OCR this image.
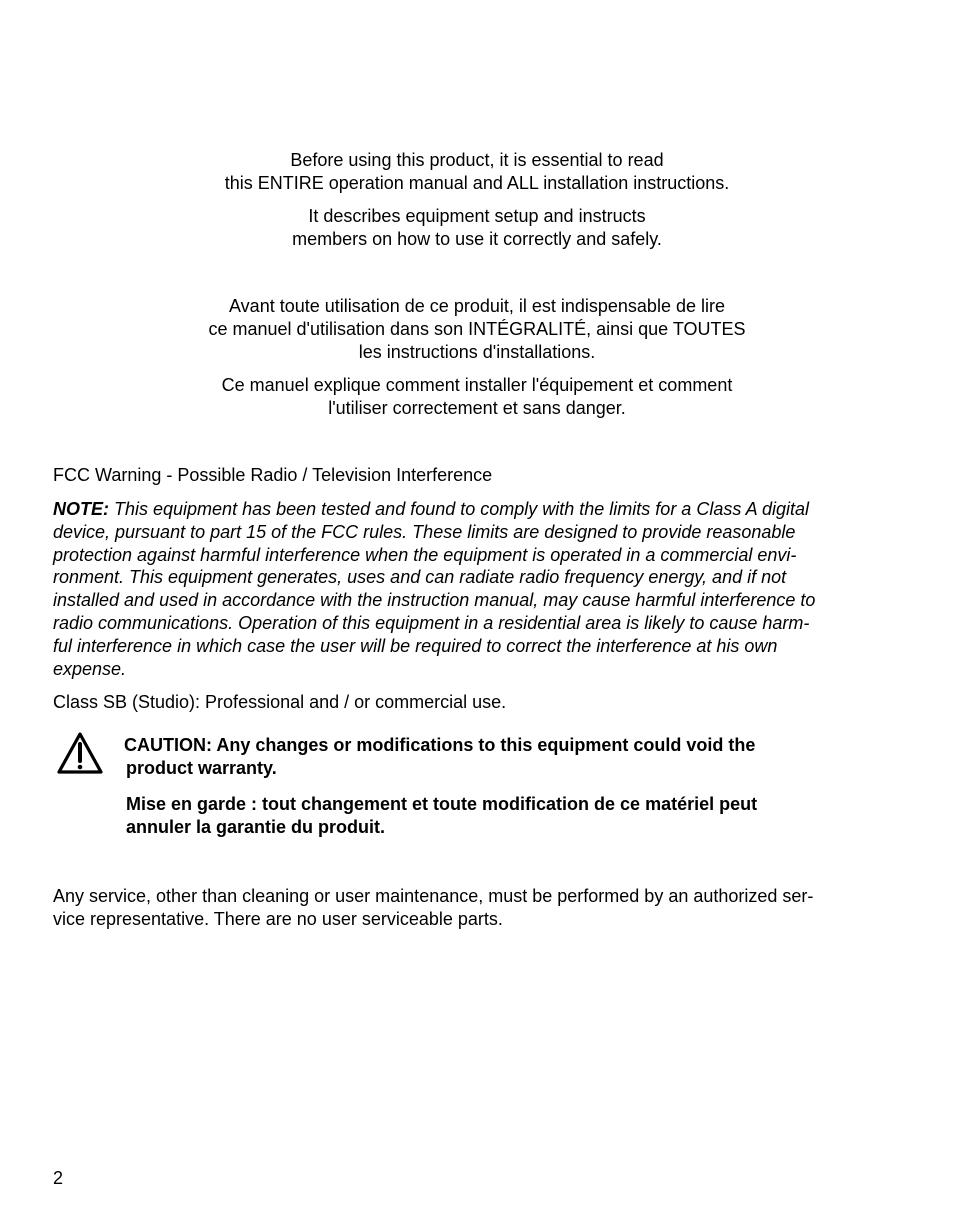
Before using this product, it is essential to read

this ENTIRE operation manual and ALL installation instructions.

It describes equipment setup and instructs

members on how to use it correctly and safely.

Avant toute utilisation de ce produit, il est indispensable de lire

ce manuel d'utilisation dans son INTÉGRALITÉ, ainsi que TOUTES

les instructions d'installations.

Ce manuel explique comment installer l'équipement et comment

l'utiliser correctement et sans danger.

FCC Warning - Possible Radio / Television Interference

NOTE: This equipment has been tested and found to comply with the limits for a Class A digital

device, pursuant to part 15 of the FCC rules. These limits are designed to provide reasonable

protection against harmful interference when the equipment is operated in a commercial envi-

ronment. This equipment generates, uses and can radiate radio frequency energy, and if not

installed and used in accordance with the instruction manual, may cause harmful interference to

radio communications. Operation of this equipment in a residential area is likely to cause harm-

ful interference in which case the user will be required to correct the interference at his own

expense.

Class SB (Studio): Professional and / or commercial use.

CAUTION: Any changes or modifications to this equipment could void the

product warranty.

Mise en garde : tout changement et toute modification de ce matériel peut

annuler la garantie du produit.

Any service, other than cleaning or user maintenance, must be performed by an authorized ser-

vice representative. There are no user serviceable parts.

2
